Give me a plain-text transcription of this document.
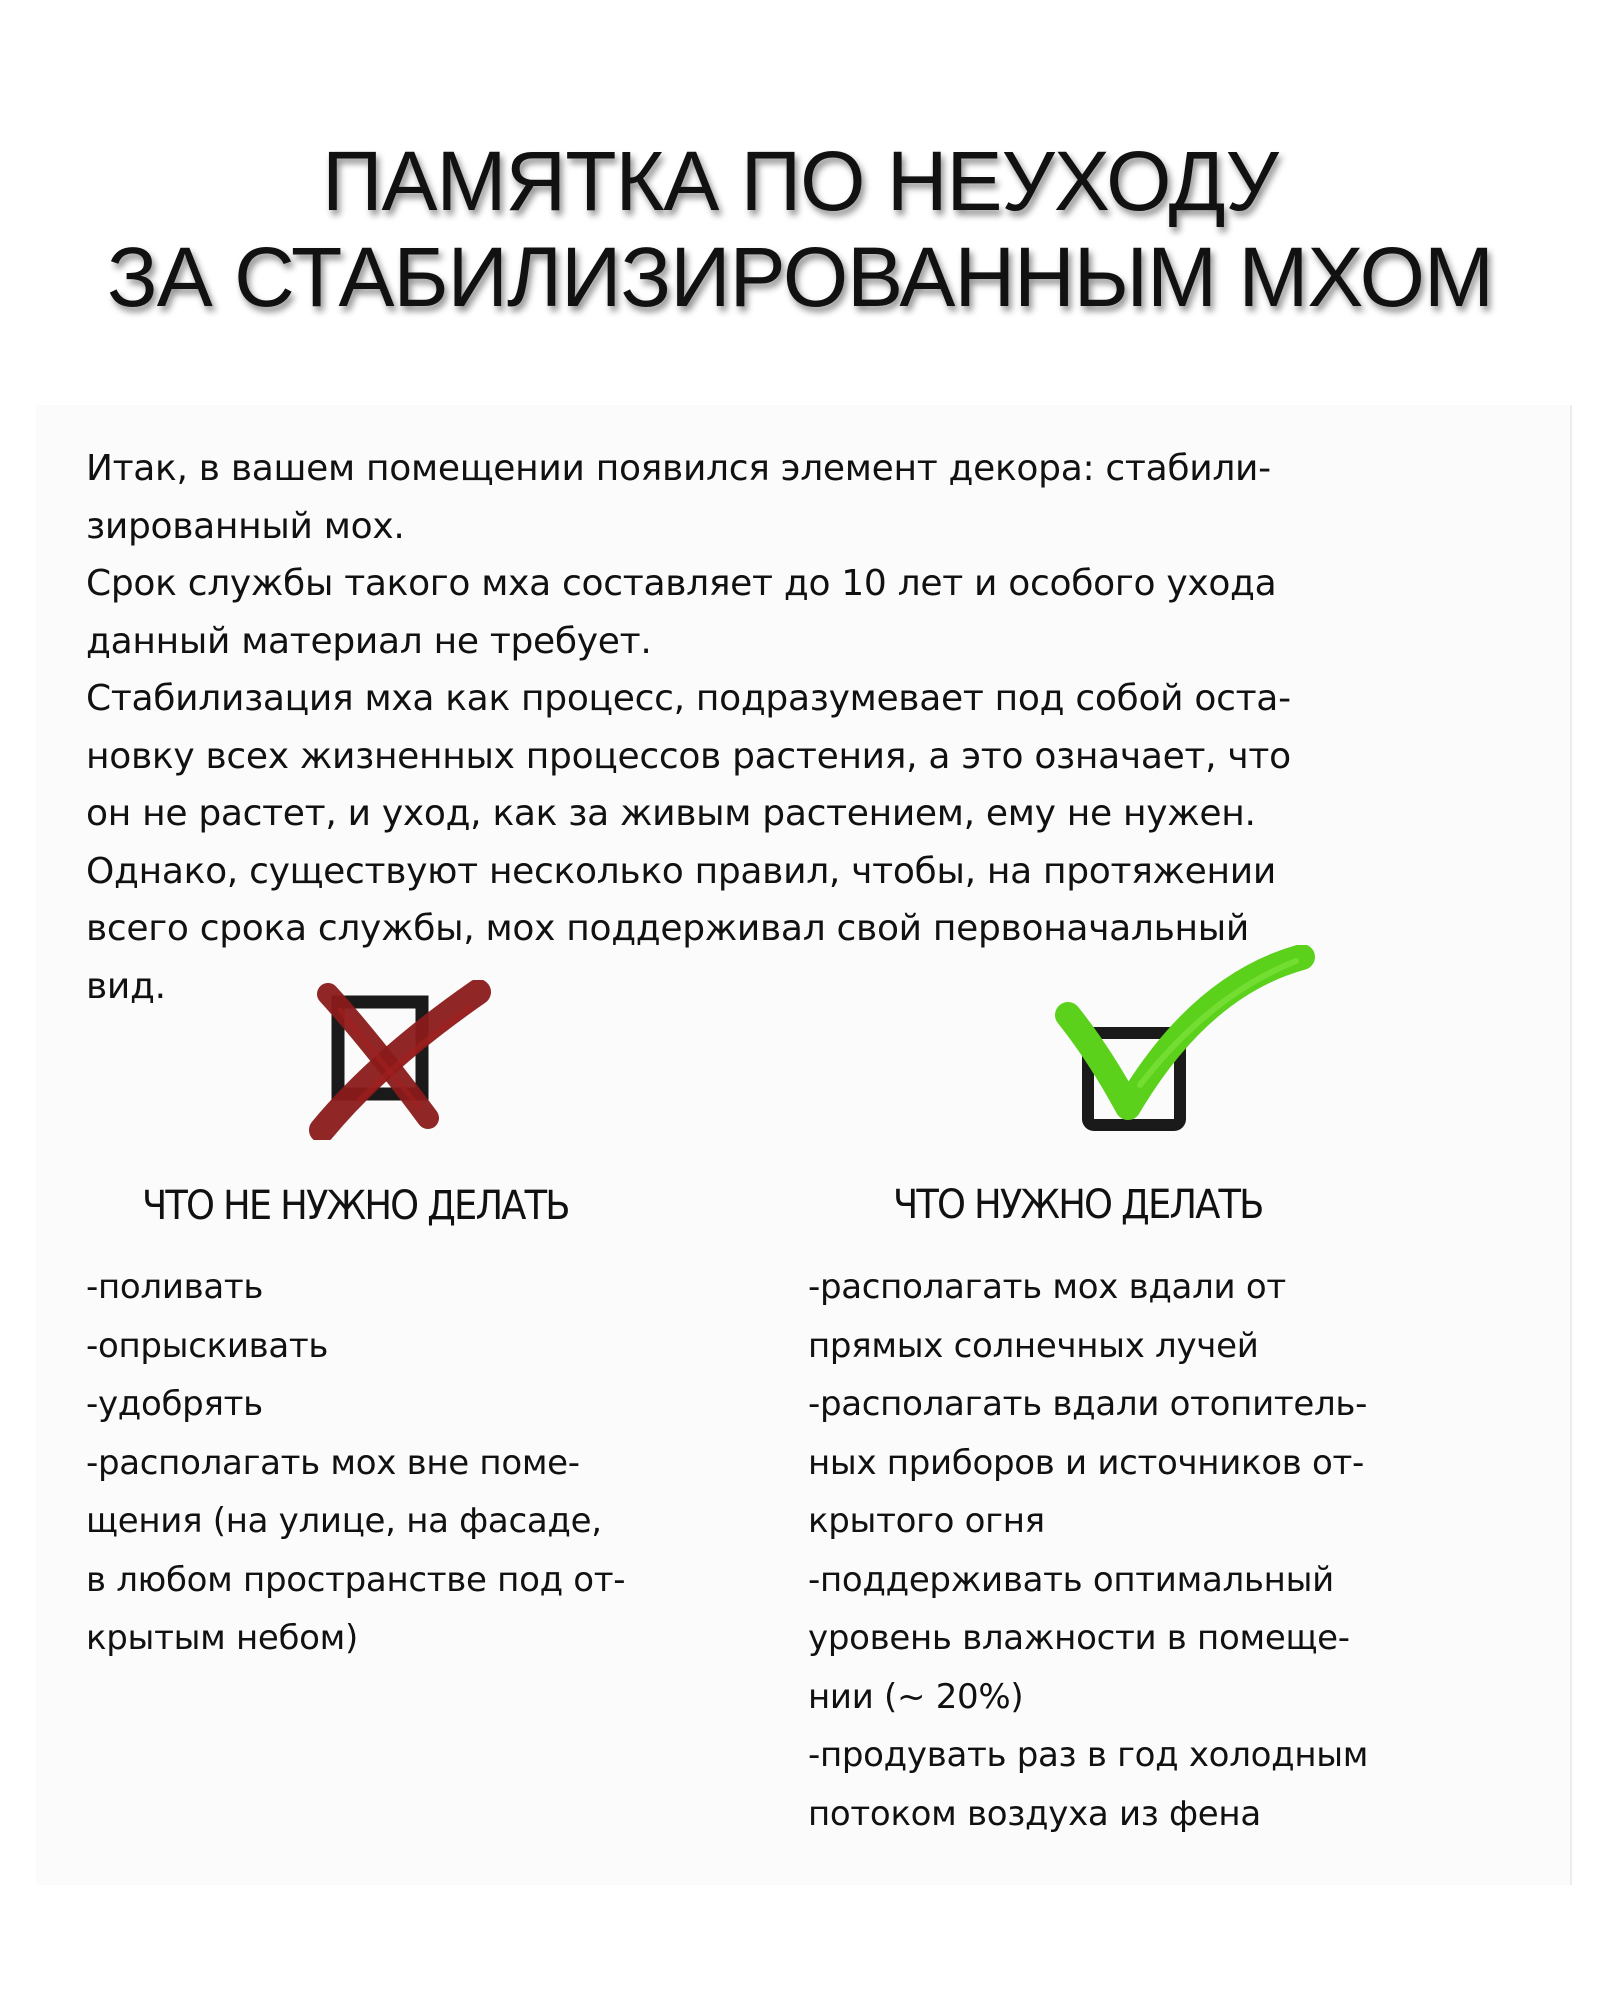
ПАМЯТКА ПО НЕУХОДУ
ЗА СТАБИЛИЗИРОВАННЫМ МХОМ

Итак, в вашем помещении появился элемент декора: стабили-
зированный мох.
Срок службы такого мха составляет до 10 лет и особого ухода
данный материал не требует.
Стабилизация мха как процесс, подразумевает под собой оста-
новку всех жизненных процессов растения, а это означает, что
он не растет, и уход, как за живым растением, ему не нужен.
Однако, существуют несколько правил, чтобы, на протяжении
всего срока службы, мох поддерживал свой первоначальный
вид.

ЧТО НЕ НУЖНО ДЕЛАТЬ	ЧТО НУЖНО ДЕЛАТЬ
-поливать
-опрыскивать
-удобрять
-располагать мох вне поме-
щения (на улице, на фасаде,
в любом пространстве под от-
крытым небом)
-располагать мох вдали от
прямых солнечных лучей
-располагать вдали отопитель-
ных приборов и источников от-
крытого огня
-поддерживать оптимальный
уровень влажности в помеще-
нии (~ 20%)
-продувать раз в год холодным
потоком воздуха из фена
